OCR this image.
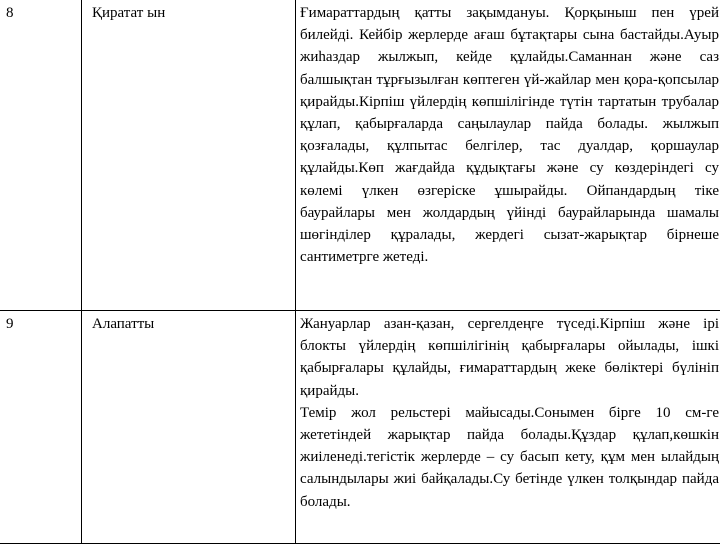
8	Қиратат ын	Ғимараттардың қатты зақымдануы. Қорқыныш пен үрей билейді. Кейбір жерлерде ағаш бұтақтары сына бастайды.Ауыр жиһаздар жылжып, кейде құлайды.Саманнан және саз балшықтан тұрғызылған көптеген үй-жайлар мен қора-қопсылар қирайды.Кірпіш үйлердің көпшілігінде түтін тартатын трубалар құлап, қабырғаларда саңылаулар пайда болады. жылжып қозғалады, құлпытас белгілер, тас дуалдар, қоршаулар құлайды.Көп жағдайда құдықтағы және су көздеріндегі су көлемі үлкен өзгеріске ұшырайды. Ойпандардың тіке баурайлары мен жолдардың үйінді баурайларында шамалы шөгінділер құралады, жердегі сызат-жарықтар бірнеше сантиметрге жетеді.

9	Алапатты	Жануарлар азан-қазан, сергелдеңге түседі.Кірпіш және ірі блокты үйлердің көпшілігінің қабырғалары ойылады, ішкі қабырғалары құлайды, ғимараттардың жеке бөліктері бүлініп қирайды.
Темір жол рельстері майысады.Сонымен бірге 10 см-ге жететіндей жарықтар пайда болады.Құздар құлап,көшкін жиіленеді.тегістік жерлерде – су басып кету, құм мен ылайдың салындылары жиі байқалады.Су бетінде үлкен толқындар пайда болады.
